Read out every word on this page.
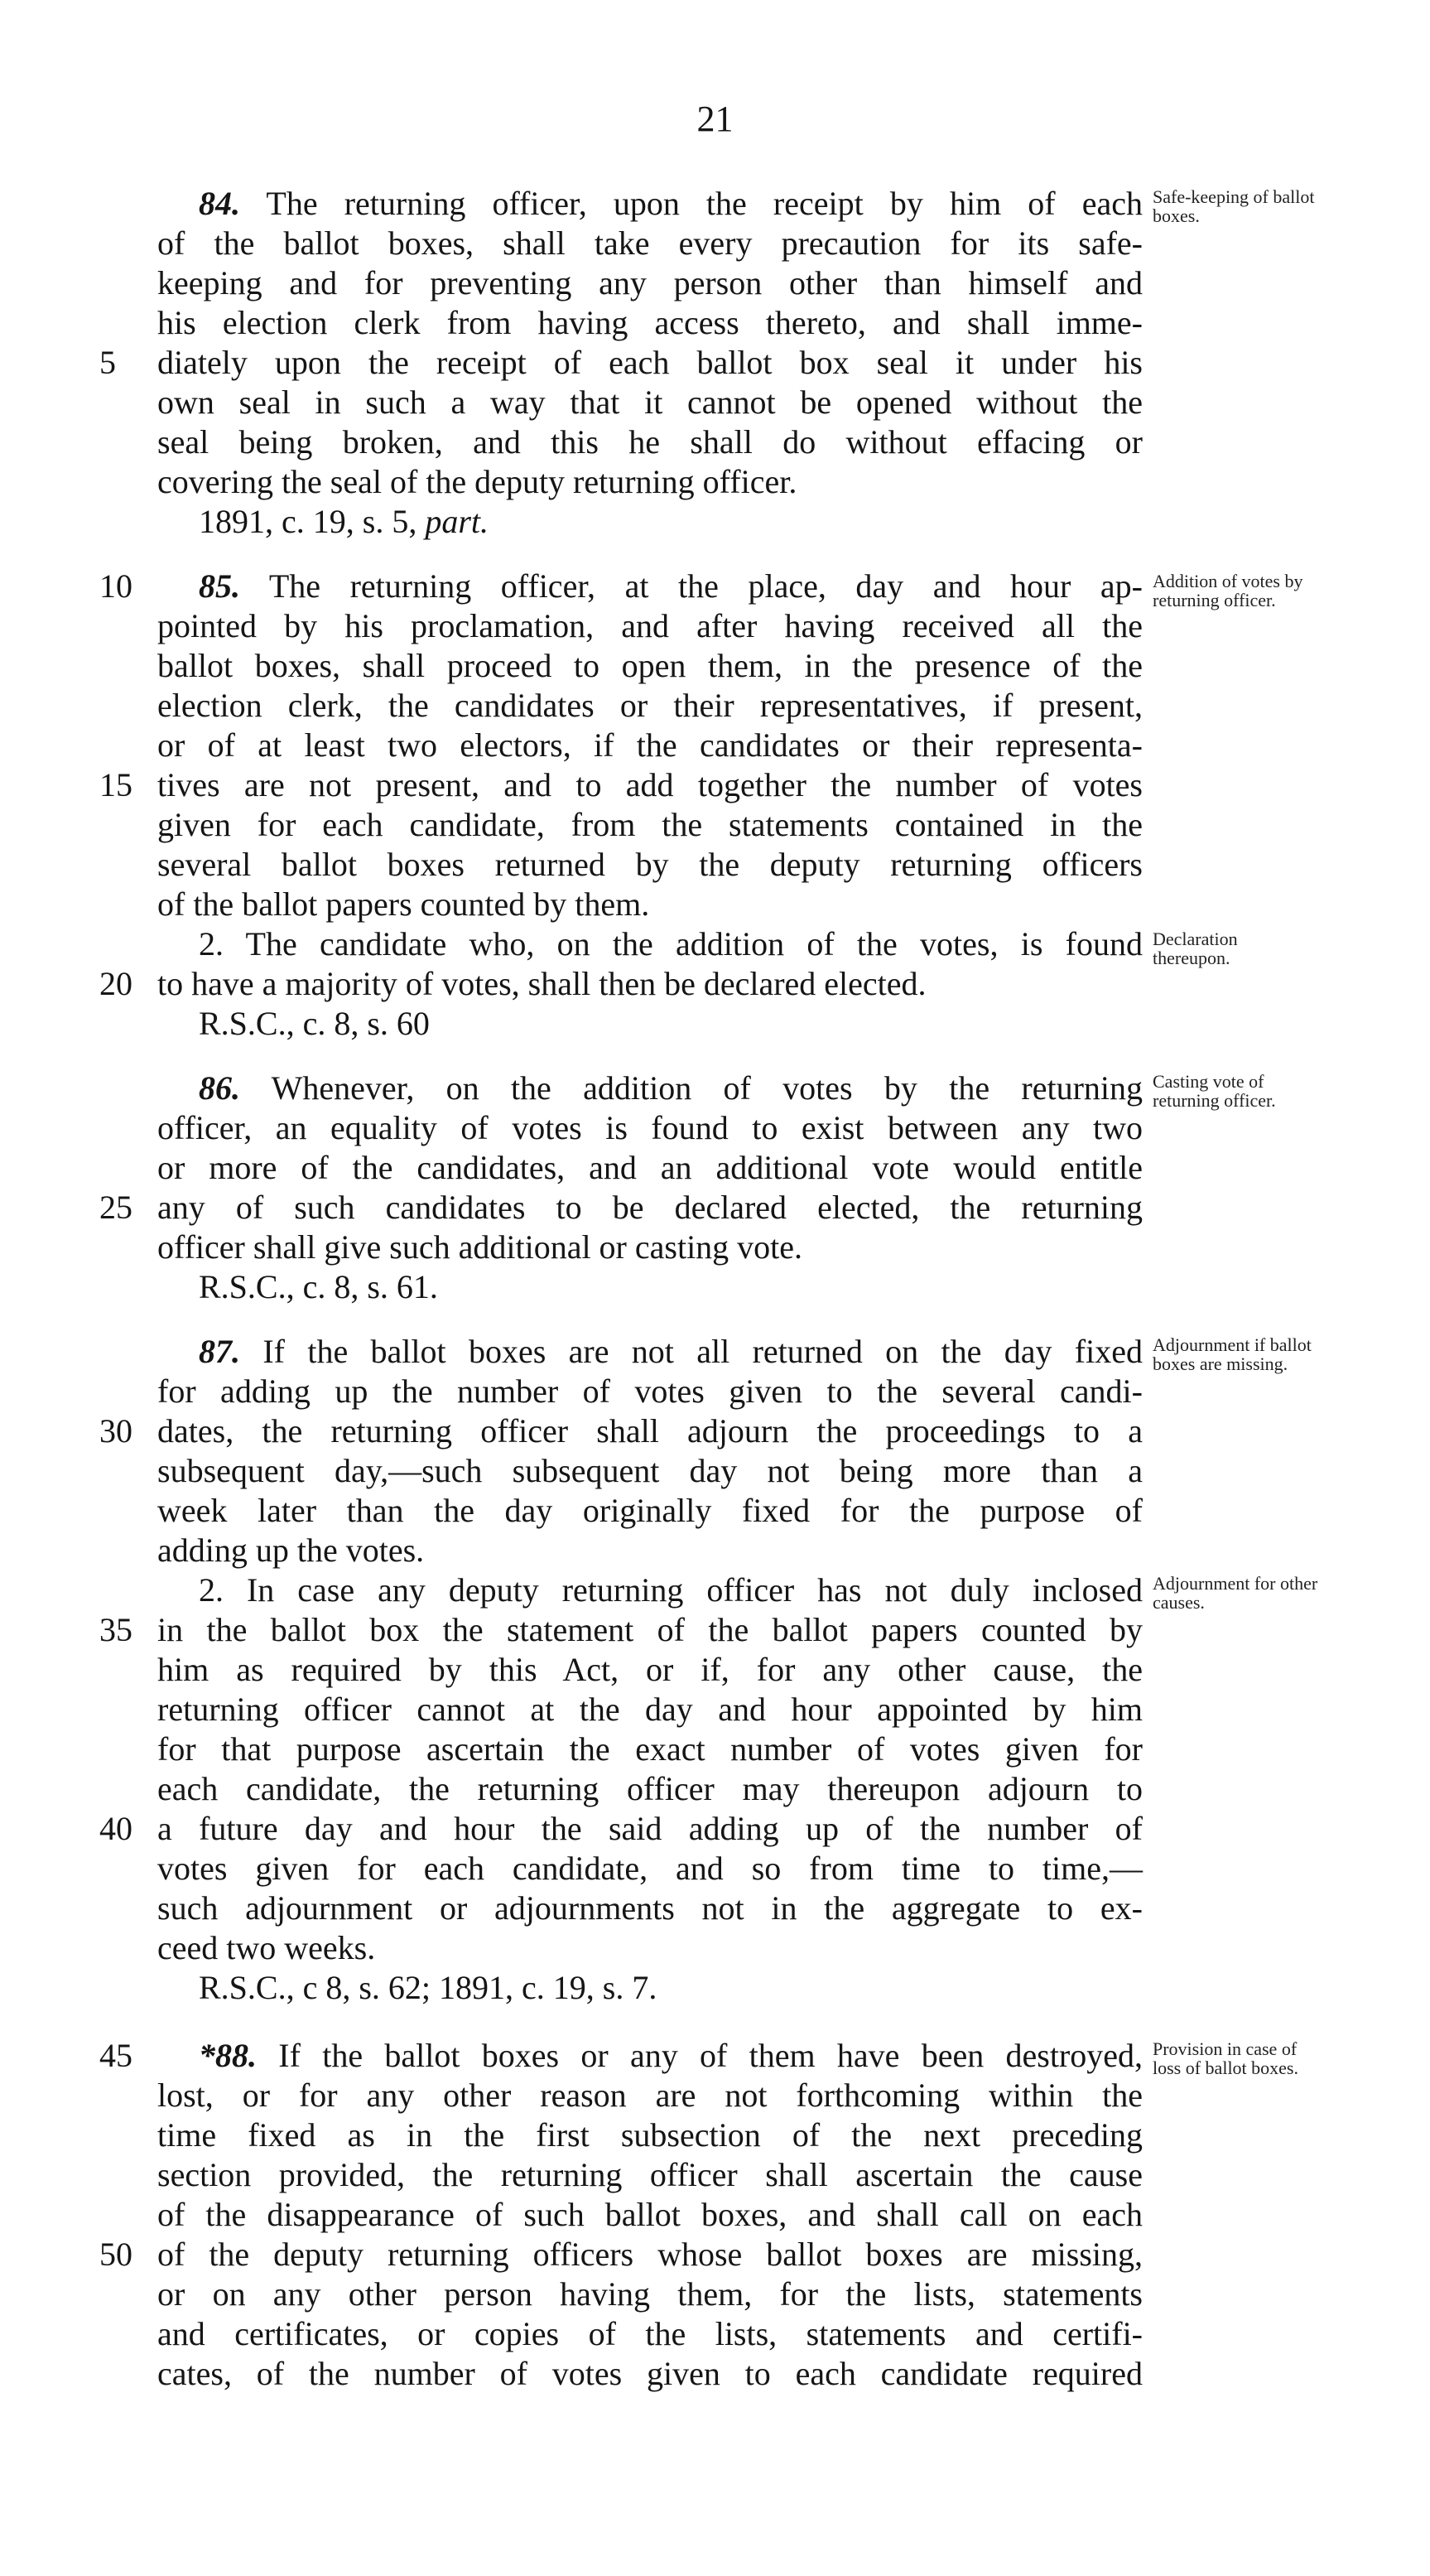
21
Safe-keeping of ballot boxes.
84. The returning officer, upon the receipt by him of each
of the ballot boxes, shall take every precaution for its safe-
keeping and for preventing any person other than himself and
his election clerk from having access thereto, and shall imme-
5	diately upon the receipt of each ballot box seal it under his
own seal in such a way that it cannot be opened without the
seal being broken, and this he shall do without effacing or
covering the seal of the deputy returning officer.
1891, c. 19, s. 5, part.
10	Addition of votes by returning officer.
85. The returning officer, at the place, day and hour ap-
pointed by his proclamation, and after having received all the
ballot boxes, shall proceed to open them, in the presence of the
election clerk, the candidates or their representatives, if present,
or of at least two electors, if the candidates or their representa-
15 tives are not present, and to add together the number of votes
given for each candidate, from the statements contained in the
several ballot boxes returned by the deputy returning officers
of the ballot papers counted by them.
Declaration thereupon.
2. The candidate who, on the addition of the votes, is found
20 to have a majority of votes, shall then be declared elected.
R.S.C., c. 8, s. 60
Casting vote of returning officer.
86. Whenever, on the addition of votes by the returning
officer, an equality of votes is found to exist between any two
or more of the candidates, and an additional vote would entitle
25 any of such candidates to be declared elected, the returning
officer shall give such additional or casting vote.
R.S.C., c. 8, s. 61.
Adjournment if ballot boxes are missing.
87. If the ballot boxes are not all returned on the day fixed
for adding up the number of votes given to the several candi-
30 dates, the returning officer shall adjourn the proceedings to a
subsequent day,—such subsequent day not being more than a
week later than the day originally fixed for the purpose of
adding up the votes.
Adjournment for other causes.
2. In case any deputy returning officer has not duly inclosed
35 in the ballot box the statement of the ballot papers counted by
him as required by this Act, or if, for any other cause, the
returning officer cannot at the day and hour appointed by him
for that purpose ascertain the exact number of votes given for
each candidate, the returning officer may thereupon adjourn to
40 a future day and hour the said adding up of the number of
votes given for each candidate, and so from time to time,—
such adjournment or adjournments not in the aggregate to ex-
ceed two weeks.
R.S.C., c 8, s. 62; 1891, c. 19, s. 7.
45	Provision in case of loss of ballot boxes.
*88. If the ballot boxes or any of them have been destroyed,
lost, or for any other reason are not forthcoming within the
time fixed as in the first subsection of the next preceding
section provided, the returning officer shall ascertain the cause
of the disappearance of such ballot boxes, and shall call on each
50 of the deputy returning officers whose ballot boxes are missing,
or on any other person having them, for the lists, statements
and certificates, or copies of the lists, statements and certifi-
cates, of the number of votes given to each candidate required
